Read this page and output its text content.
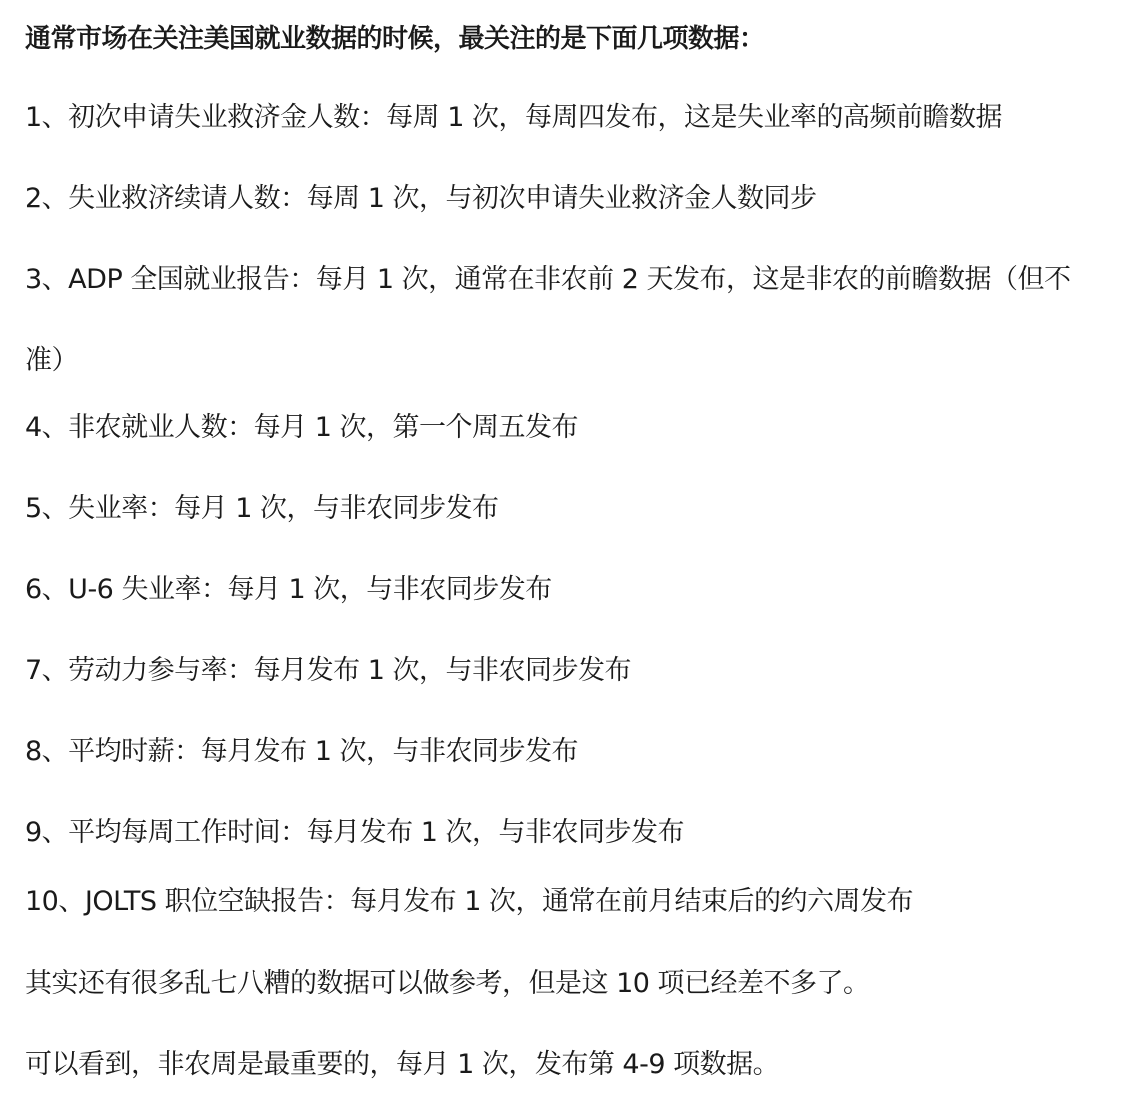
通常市场在关注美国就业数据的时候，最关注的是下面几项数据：
1、初次申请失业救济金人数：每周 1 次，每周四发布，这是失业率的高频前瞻数据
2、失业救济续请人数：每周 1 次，与初次申请失业救济金人数同步
3、ADP 全国就业报告：每月 1 次，通常在非农前 2 天发布，这是非农的前瞻数据（但不
准）
4、非农就业人数：每月 1 次，第一个周五发布
5、失业率：每月 1 次，与非农同步发布
6、U-6 失业率：每月 1 次，与非农同步发布
7、劳动力参与率：每月发布 1 次，与非农同步发布
8、平均时薪：每月发布 1 次，与非农同步发布
9、平均每周工作时间：每月发布 1 次，与非农同步发布
10、JOLTS 职位空缺报告：每月发布 1 次，通常在前月结束后的约六周发布
其实还有很多乱七八糟的数据可以做参考，但是这 10 项已经差不多了。
可以看到，非农周是最重要的，每月 1 次，发布第 4-9 项数据。
